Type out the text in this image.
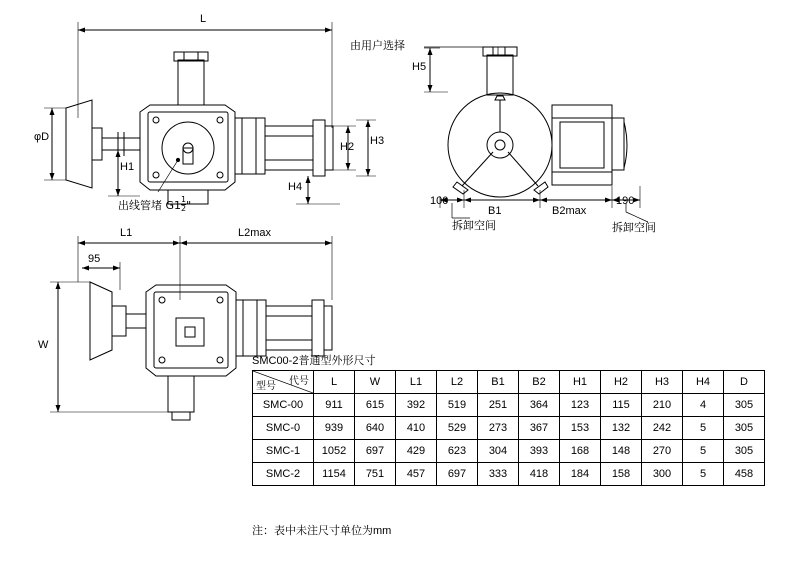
L
φD
H1
H2 H3
H4
H5
出线管堵 $G1 \frac{1}{2}$ "
由用户选择
100
B1	B2max
190
拆卸空间	拆卸空间
L1	L2max
95
W
SMC00-2普通型外形尺寸
代号
型号	L	W	L1	L2	B1	B2	H1	H2	H3	H4	D
SMC-00	911	615	392	519	251	364	123	115	210	4	305
SMC-0	939	640	410	529	273	367	153	132	242	5	305
SMC-1	1052	697	429	623	304	393	168	148	270	5	305
SMC-2	1154	751	457	697	333	418	184	158	300	5	458
注：表中未注尺寸单位为mm
